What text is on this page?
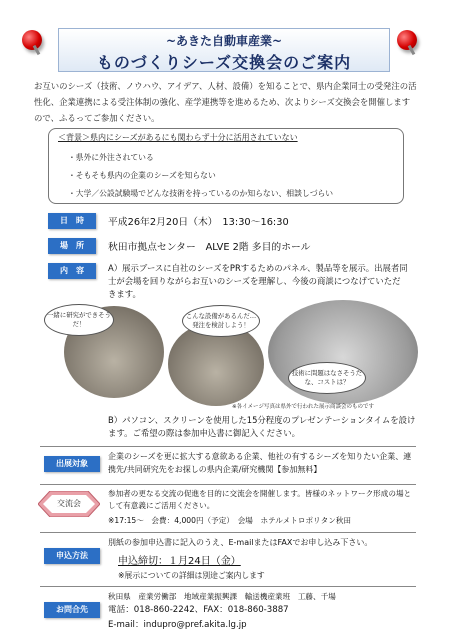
~あきた自動車産業~
ものづくりシーズ交換会のご案内
お互いのシーズ（技術、ノウハウ、アイデア、人材、設備）を知ることで、県内企業同士の受発注の活性化、企業連携による受注体制の強化、産学連携等を進めるため、次よりシーズ交換会を開催しますので、ふるってご参加ください。
＜背景＞県内にシーズがあるにも関わらず十分に活用されていない
・県外に外注されている
・そもそも県内の企業のシーズを知らない
・大学／公設試験場でどんな技術を持っているのか知らない、相談しづらい
日　時	平成26年2月20日（木）　13:30～16:30
場　所	秋田市拠点センター　ALVE 2階 多目的ホール
内　容	A）展示ブースに自社のシーズをPRするためのパネル、製品等を展示。出展者同士が会場を回りながらお互いのシーズを理解し、今後の商談につなげていただきます。
一緒に研究ができそうだ！
こんな設備があるんだ…発注を検討しよう！
技術に問題はなさそうだな、コストは？
※各イメージ写真は県外で行われた展示商談会のものです
B）パソコン、スクリーンを使用した15分程度のプレゼンテーションタイムを設けます。ご希望の際は参加申込書に御記入ください。
出展対象
企業のシーズを更に拡大する意欲ある企業、他社の有するシーズを知りたい企業、連携先/共同研究先をお探しの県内企業/研究機関【参加無料】
交流会
参加者の更なる交流の促進を目的に交流会を開催します。皆様のネットワーク形成の場として有意義にご活用ください。
※17:15～　会費：4,000円（予定）　会場　ホテルメトロポリタン秋田
申込方法
別紙の参加申込書に記入のうえ、E-mailまたはFAXでお申し込み下さい。
申込締切：１月24日（金）
※展示についての詳細は別途ご案内します
お問合先
秋田県　産業労働部　地域産業振興課　輸送機産業班　工藤、千場
電話：018-860-2242、FAX：018-860-3887
E-mail：indupro@pref.akita.lg.jp
